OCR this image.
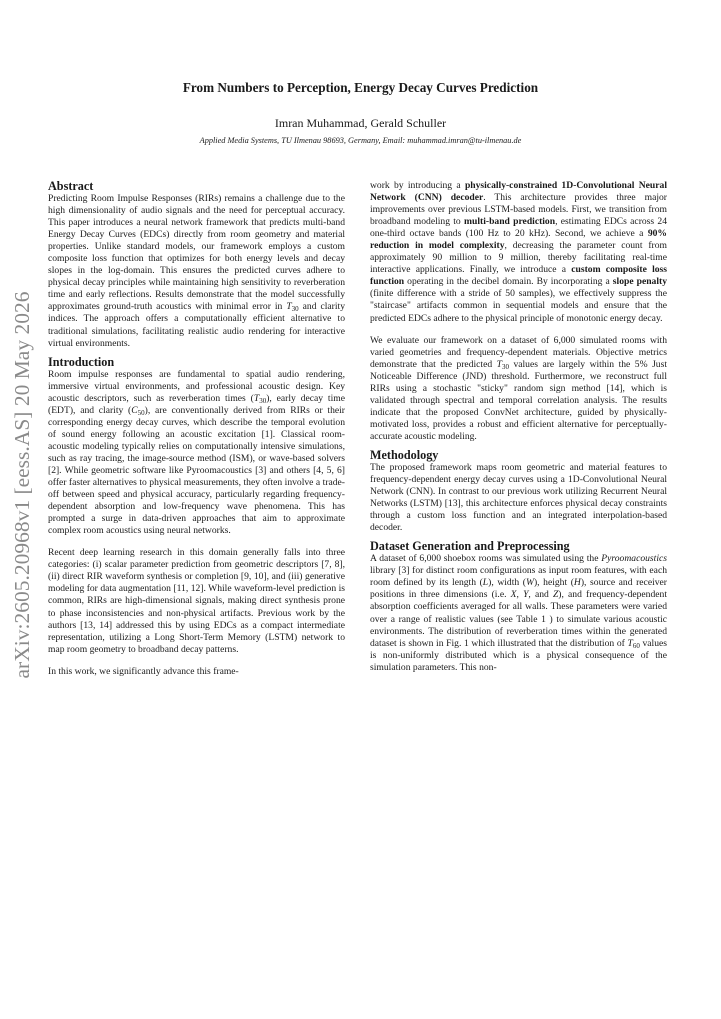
arXiv:2605.20968v1 [eess.AS] 20 May 2026
From Numbers to Perception, Energy Decay Curves Prediction
Imran Muhammad, Gerald Schuller
Applied Media Systems, TU Ilmenau 98693, Germany, Email: muhammad.imran@tu-ilmenau.de
Abstract

Predicting Room Impulse Responses (RIRs) remains a challenge due to the high dimensionality of audio signals and the need for perceptual accuracy. This paper introduces a neural network framework that predicts multi-band Energy Decay Curves (EDCs) directly from room geometry and material properties. Unlike standard models, our framework employs a custom composite loss function that optimizes for both energy levels and decay slopes in the log-domain. This ensures the predicted curves adhere to physical decay principles while maintaining high sensitivity to reverberation time and early reflections. Results demonstrate that the model successfully approximates ground-truth acoustics with minimal error in $T_{30}$ and clarity indices. The approach offers a computationally efficient alternative to traditional simulations, facilitating realistic audio rendering for interactive virtual environments.

Introduction

Room impulse responses are fundamental to spatial audio rendering, immersive virtual environments, and professional acoustic design. Key acoustic descriptors, such as reverberation times $(T_{30})$, early decay time (EDT), and clarity $(C_{50})$, are conventionally derived from RIRs or their corresponding energy decay curves, which describe the temporal evolution of sound energy following an acoustic excitation [1]. Classical room-acoustic modeling typically relies on computationally intensive simulations, such as ray tracing, the image-source method (ISM), or wave-based solvers [2]. While geometric software like Pyroomacoustics [3] and others [4, 5, 6] offer faster alternatives to physical measurements, they often involve a trade-off between speed and physical accuracy, particularly regarding frequency-dependent absorption and low-frequency wave phenomena. This has prompted a surge in data-driven approaches that aim to approximate complex room acoustics using neural networks.

Recent deep learning research in this domain generally falls into three categories: (i) scalar parameter prediction from geometric descriptors [7, 8], (ii) direct RIR waveform synthesis or completion [9, 10], and (iii) generative modeling for data augmentation [11, 12]. While waveform-level prediction is common, RIRs are high-dimensional signals, making direct synthesis prone to phase inconsistencies and non-physical artifacts. Previous work by the authors [13, 14] addressed this by using EDCs as a compact intermediate representation, utilizing a Long Short-Term Memory (LSTM) network to map room geometry to broadband decay patterns.

In this work, we significantly advance this frame-

work by introducing a physically-constrained 1D-Convolutional Neural Network (CNN) decoder. This architecture provides three major improvements over previous LSTM-based models. First, we transition from broadband modeling to multi-band prediction, estimating EDCs across 24 one-third octave bands (100 Hz to 20 kHz). Second, we achieve a 90% reduction in model complexity, decreasing the parameter count from approximately 90 million to 9 million, thereby facilitating real-time interactive applications. Finally, we introduce a custom composite loss function operating in the decibel domain. By incorporating a slope penalty (finite difference with a stride of 50 samples), we effectively suppress the "staircase" artifacts common in sequential models and ensure that the predicted EDCs adhere to the physical principle of monotonic energy decay.

We evaluate our framework on a dataset of 6,000 simulated rooms with varied geometries and frequency-dependent materials. Objective metrics demonstrate that the predicted $T_{30}$ values are largely within the 5% Just Noticeable Difference (JND) threshold. Furthermore, we reconstruct full RIRs using a stochastic "sticky" random sign method [14], which is validated through spectral and temporal correlation analysis. The results indicate that the proposed ConvNet architecture, guided by physically-motivated loss, provides a robust and efficient alternative for perceptually-accurate acoustic modeling.

Methodology

The proposed framework maps room geometric and material features to frequency-dependent energy decay curves using a 1D-Convolutional Neural Network (CNN). In contrast to our previous work utilizing Recurrent Neural Networks (LSTM) [13], this architecture enforces physical decay constraints through a custom loss function and an integrated interpolation-based decoder.

Dataset Generation and Preprocessing

A dataset of 6,000 shoebox rooms was simulated using the Pyroomacoustics library [3] for distinct room configurations as input room features, with each room defined by its length (L), width (W), height (H), source and receiver positions in three dimensions (i.e. X, Y, and Z), and frequency-dependent absorption coefficients averaged for all walls. These parameters were varied over a range of realistic values (see Table 1 ) to simulate various acoustic environments. The distribution of reverberation times within the generated dataset is shown in Fig. 1 which illustrated that the distribution of $T_{60}$ values is non-uniformly distributed which is a physical consequence of the simulation parameters. This non-
